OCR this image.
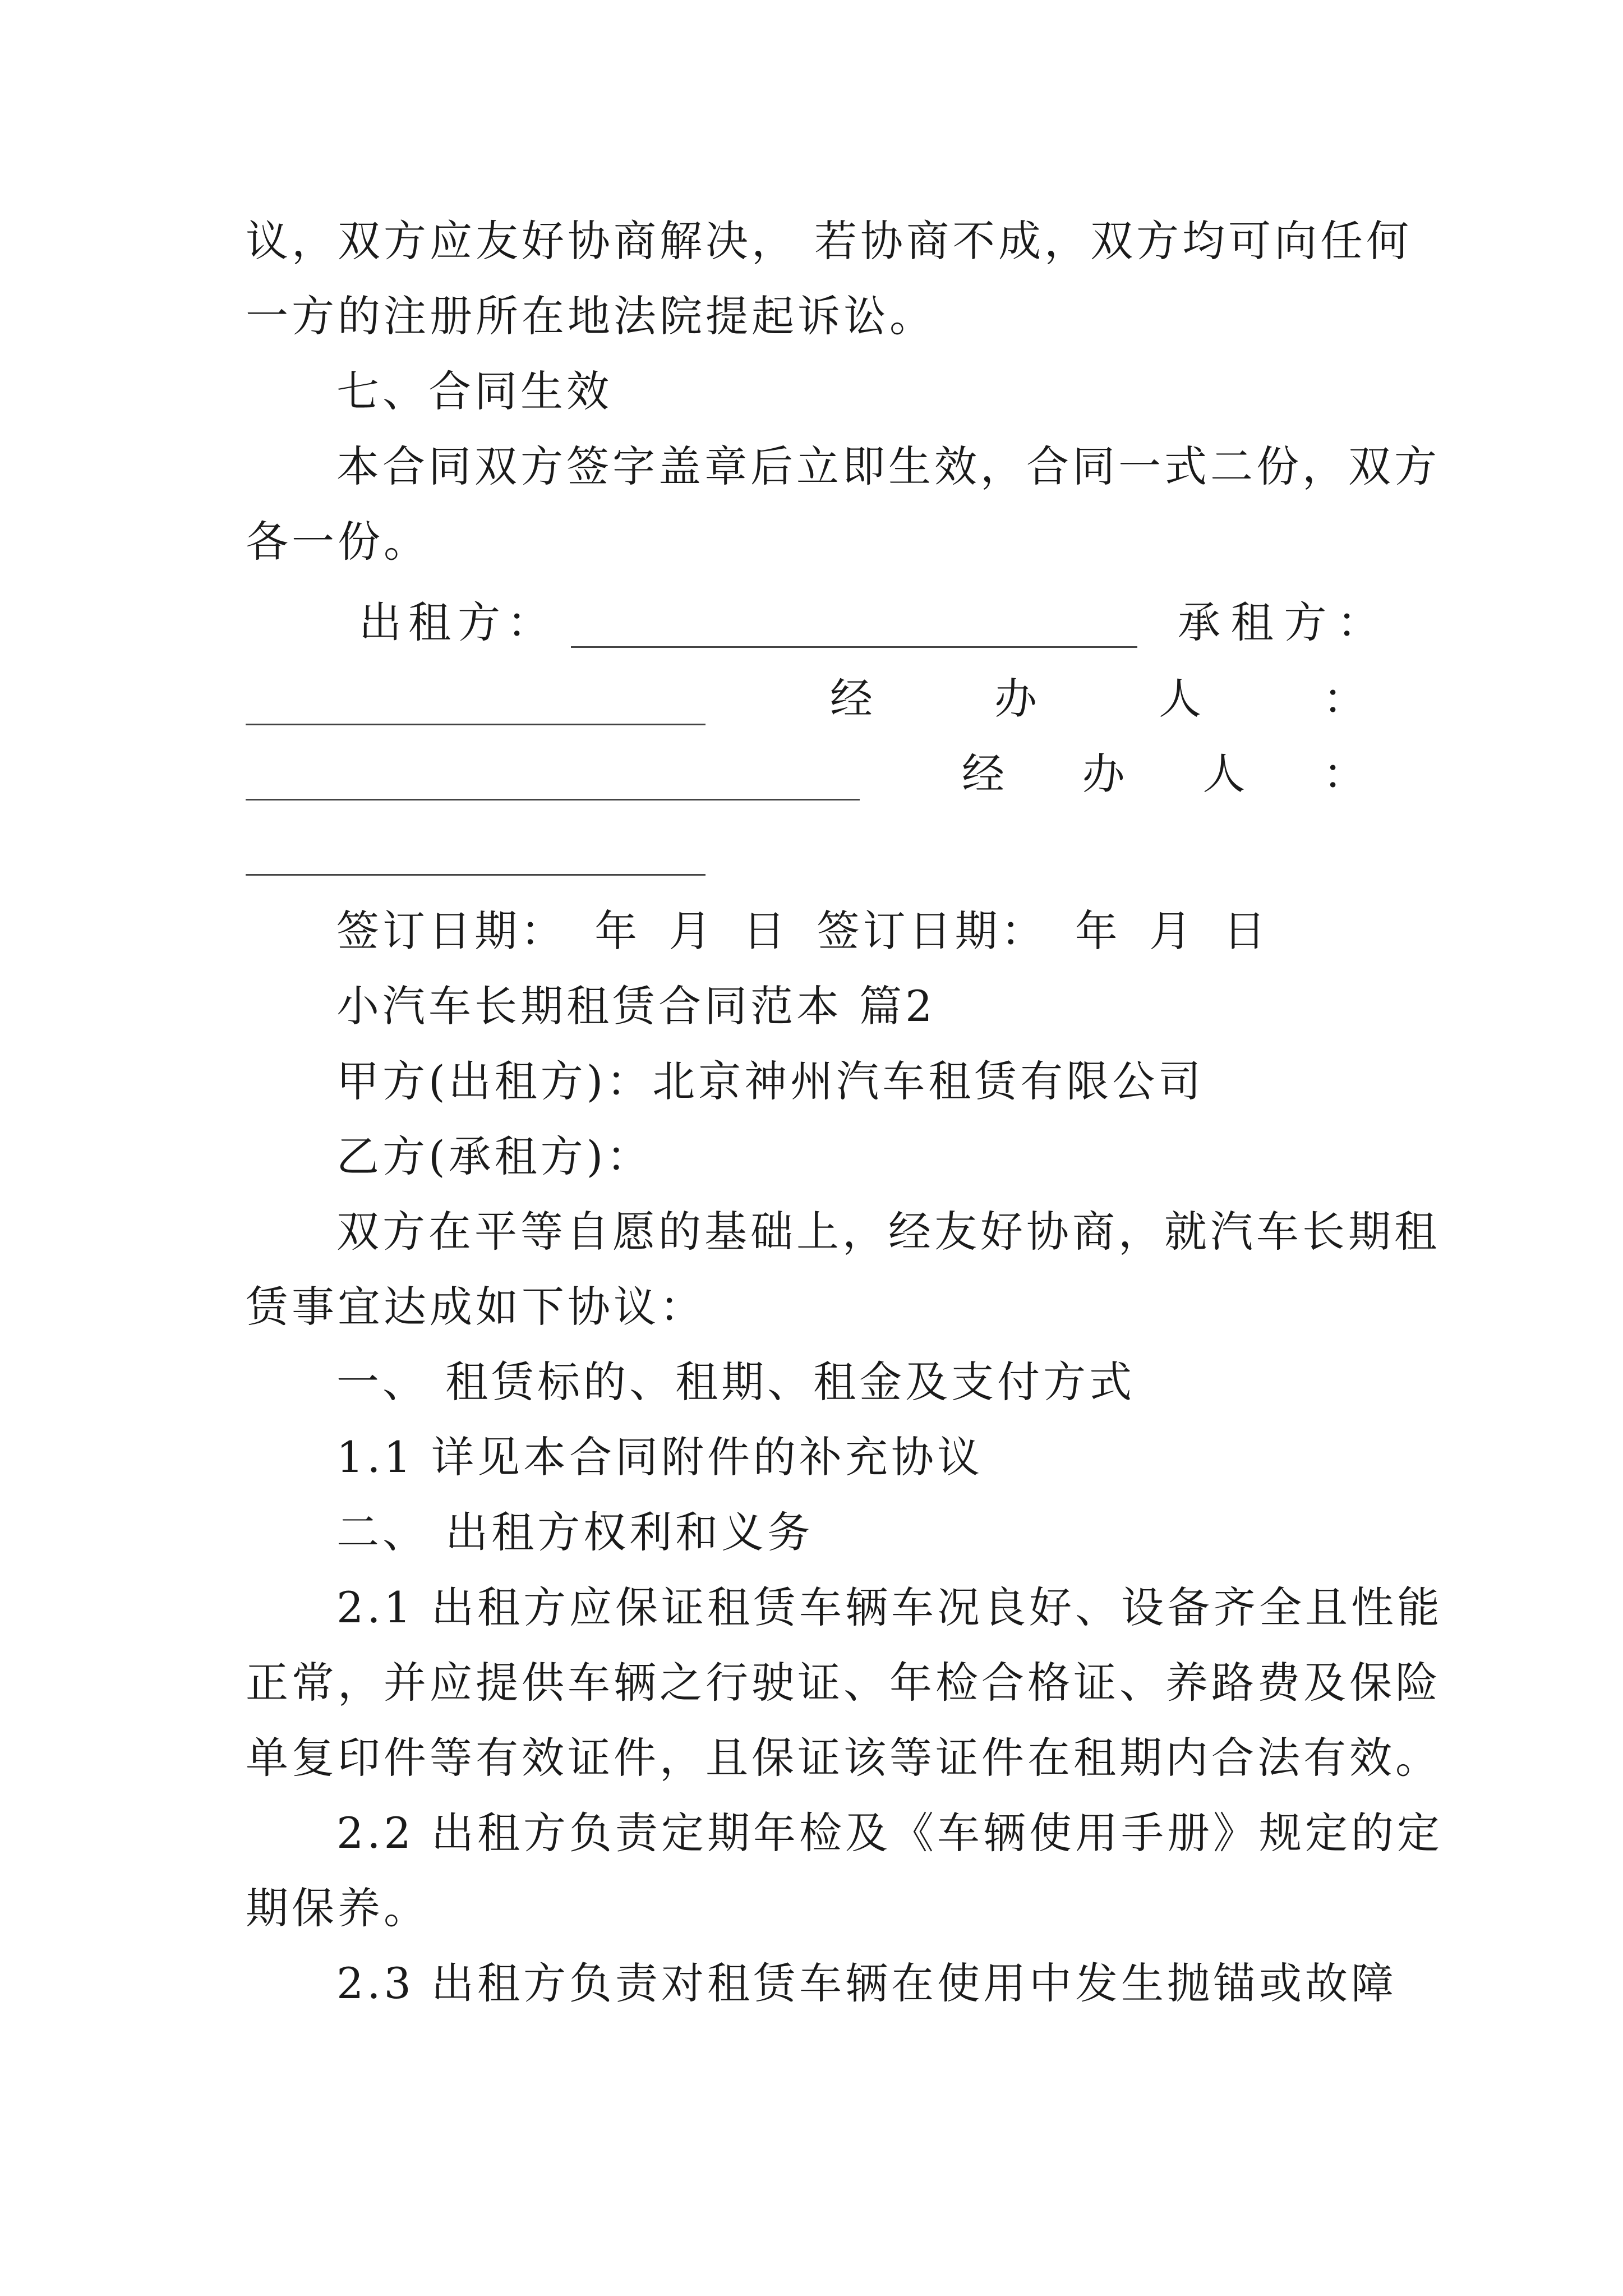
议，双方应友好协商解决， 若协商不成，双方均可向任何
一方的注册所在地法院提起诉讼。
七、合同生效
本合同双方签字盖章后立即生效，合同一式二份，双方
各一份。
出租方：	承租方：
经办人：
经办人：
签订日期： 年 月 日 签订日期： 年 月 日
小汽车长期租赁合同范本 篇2
甲方(出租方)：北京神州汽车租赁有限公司
乙方(承租方)：
双方在平等自愿的基础上，经友好协商，就汽车长期租
赁事宜达成如下协议：
一、 租赁标的、租期、租金及支付方式
1.1 详见本合同附件的补充协议
二、 出租方权利和义务
2.1 出租方应保证租赁车辆车况良好、设备齐全且性能
正常，并应提供车辆之行驶证、年检合格证、养路费及保险
单复印件等有效证件，且保证该等证件在租期内合法有效。
2.2 出租方负责定期年检及《车辆使用手册》规定的定
期保养。
2.3 出租方负责对租赁车辆在使用中发生抛锚或故障
